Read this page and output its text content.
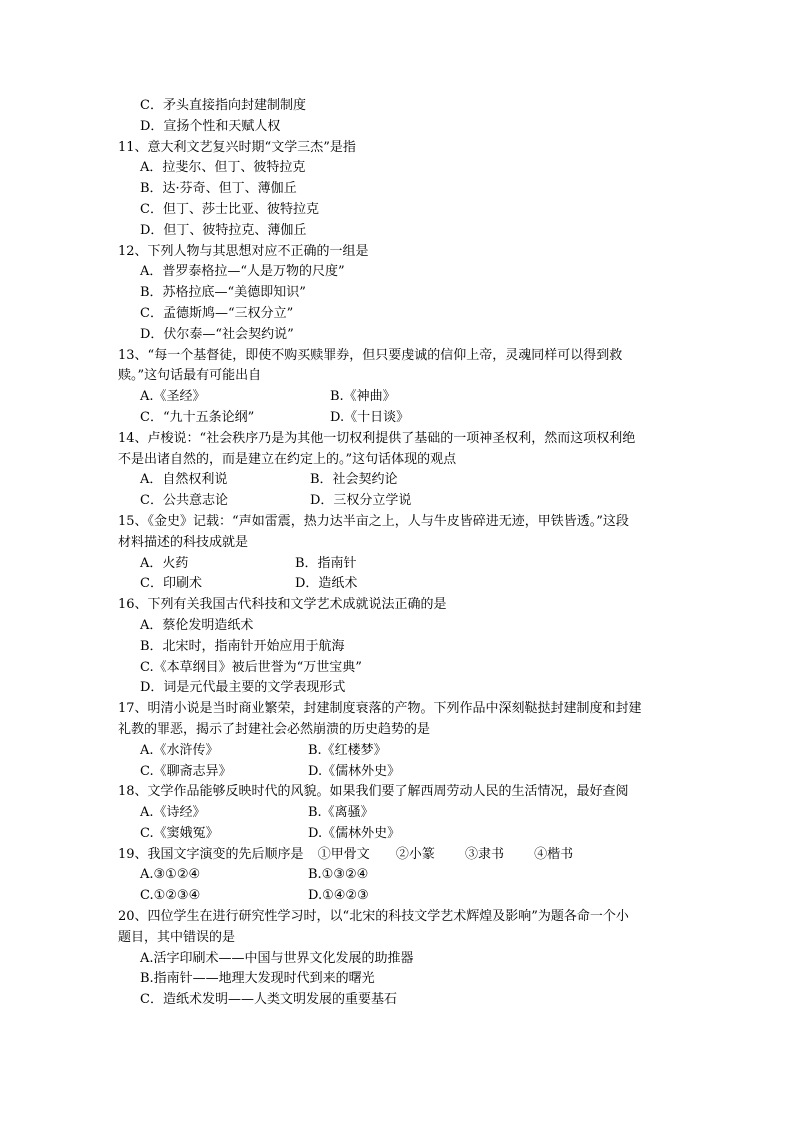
C．矛头直接指向封建制制度
D．宣扬个性和天赋人权
11、意大利文艺复兴时期“文学三杰”是指
A．拉斐尔、但丁、彼特拉克
B．达·芬奇、但丁、薄伽丘
C．但丁、莎士比亚、彼特拉克
D．但丁、彼特拉克、薄伽丘
12、下列人物与其思想对应不正确的一组是
A．普罗泰格拉—“人是万物的尺度”
B．苏格拉底—“美德即知识”
C．孟德斯鸠—“三权分立”
D．伏尔泰—“社会契约说”
13、“每一个基督徒，即使不购买赎罪券，但只要虔诚的信仰上帝，灵魂同样可以得到救
赎。”这句话最有可能出自
A.《圣经》	B.《神曲》
C．“九十五条论纲”	D.《十日谈》
14、卢梭说：“社会秩序乃是为其他一切权利提供了基础的一项神圣权利，然而这项权利绝
不是出诸自然的，而是建立在约定上的。”这句话体现的观点
A．自然权利说	B．社会契约论
C．公共意志论	D．三权分立学说
15、《金史》记载：“声如雷震，热力达半亩之上，人与牛皮皆碎进无迹，甲铁皆透。”这段
材料描述的科技成就是
A．火药	B．指南针
C．印刷术	D．造纸术
16、下列有关我国古代科技和文学艺术成就说法正确的是
A．蔡伦发明造纸术
B．北宋时，指南针开始应用于航海
C.《本草纲目》被后世誉为“万世宝典”
D．词是元代最主要的文学表现形式
17、明清小说是当时商业繁荣，封建制度衰落的产物。下列作品中深刻鞑挞封建制度和封建
礼教的罪恶，揭示了封建社会必然崩溃的历史趋势的是
A.《水浒传》	B.《红楼梦》
C.《聊斋志异》	D.《儒林外史》
18、文学作品能够反映时代的风貌。如果我们要了解西周劳动人民的生活情况，最好查阅
A.《诗经》	B.《离骚》
C.《窦娥冤》	D.《儒林外史》
19、我国文字演变的先后顺序是 ①甲骨文 ②小篆 ③隶书 ④楷书
A.③①②④	B.①③②④
C.①②③④	D.①④②③
20、四位学生在进行研究性学习时，以“北宋的科技文学艺术辉煌及影响”为题各命一个小
题目，其中错误的是
A.活字印刷术——中国与世界文化发展的助推器
B.指南针——地理大发现时代到来的曙光
C．造纸术发明——人类文明发展的重要基石
